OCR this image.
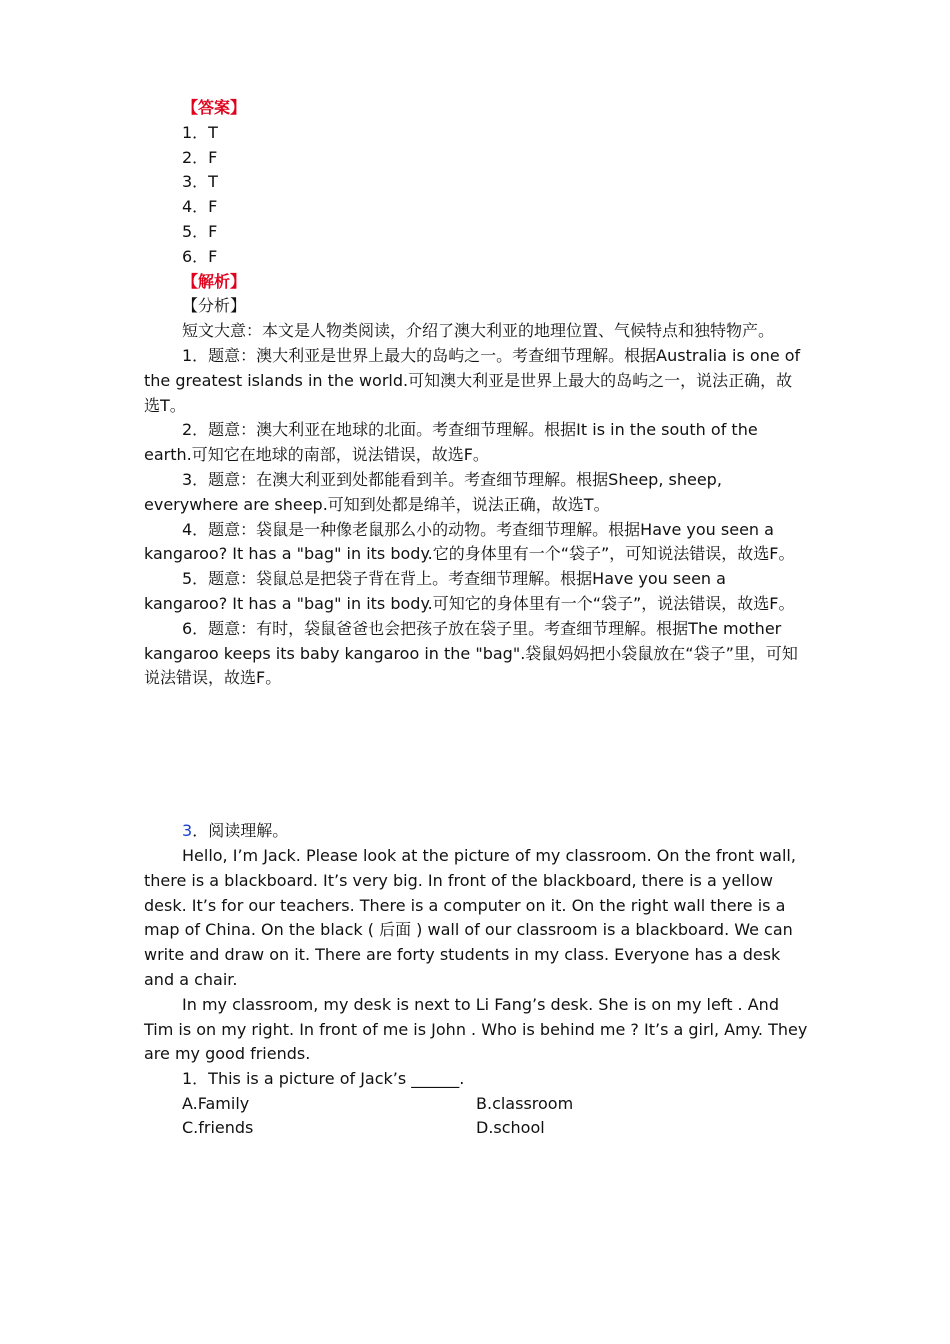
【答案】
1．T
2．F
3．T
4．F
5．F
6．F
【解析】
【分析】
短文大意：本文是人物类阅读，介绍了澳大利亚的地理位置、气候特点和独特物产。
1．题意：澳大利亚是世界上最大的岛屿之一。考查细节理解。根据Australia is one of the greatest islands in the world.可知澳大利亚是世界上最大的岛屿之一，说法正确，故选T。
2．题意：澳大利亚在地球的北面。考查细节理解。根据It is in the south of the earth.可知它在地球的南部，说法错误，故选F。
3．题意：在澳大利亚到处都能看到羊。考查细节理解。根据Sheep, sheep, everywhere are sheep.可知到处都是绵羊，说法正确，故选T。
4．题意：袋鼠是一种像老鼠那么小的动物。考查细节理解。根据Have you seen a kangaroo? It has a "bag" in its body.它的身体里有一个“袋子”，可知说法错误，故选F。
5．题意：袋鼠总是把袋子背在背上。考查细节理解。根据Have you seen a kangaroo? It has a "bag" in its body.可知它的身体里有一个“袋子”，说法错误，故选F。
6．题意：有时，袋鼠爸爸也会把孩子放在袋子里。考查细节理解。根据The mother kangaroo keeps its baby kangaroo in the "bag".袋鼠妈妈把小袋鼠放在“袋子”里，可知说法错误，故选F。
3．阅读理解。
Hello, I’m Jack. Please look at the picture of my classroom. On the front wall, there is a blackboard. It’s very big. In front of the blackboard, there is a yellow desk. It’s for our teachers. There is a computer on it. On the right wall there is a map of China. On the black ( 后面 ) wall of our classroom is a blackboard. We can write and draw on it. There are forty students in my class. Everyone has a desk and a chair.
In my classroom, my desk is next to Li Fang’s desk. She is on my left . And Tim is on my right. In front of me is John . Who is behind me ? It’s a girl, Amy. They are my good friends.
1．This is a picture of Jack’s ______.
A.Family	B.classroom
C.friends	D.school
